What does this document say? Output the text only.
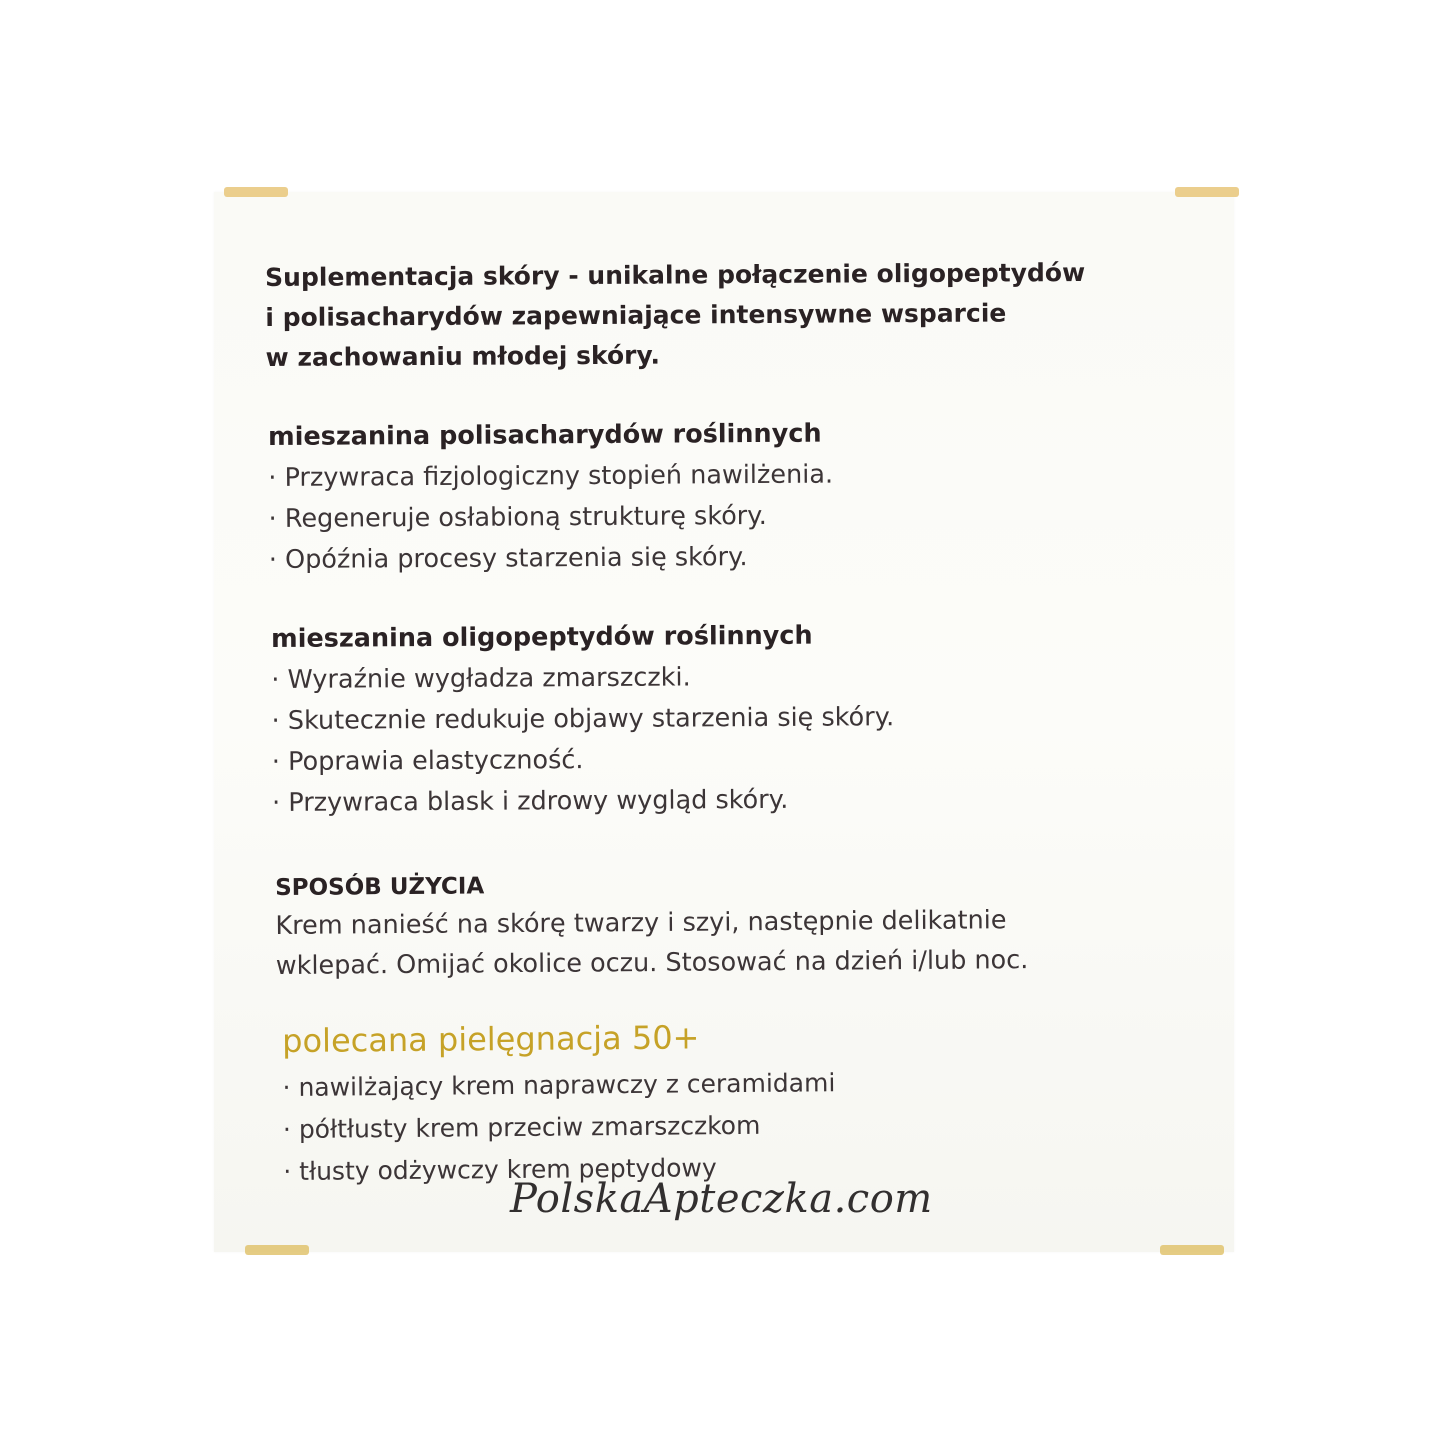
Suplementacja skóry - unikalne połączenie oligopeptydów
i polisacharydów zapewniające intensywne wsparcie
w zachowaniu młodej skóry.
mieszanina polisacharydów roślinnych
· Przywraca fizjologiczny stopień nawilżenia.
· Regeneruje osłabioną strukturę skóry.
· Opóźnia procesy starzenia się skóry.
mieszanina oligopeptydów roślinnych
· Wyraźnie wygładza zmarszczki.
· Skutecznie redukuje objawy starzenia się skóry.
· Poprawia elastyczność.
· Przywraca blask i zdrowy wygląd skóry.
SPOSÓB UŻYCIA
Krem nanieść na skórę twarzy i szyi, następnie delikatnie
wklepać. Omijać okolice oczu. Stosować na dzień i/lub noc.
polecana pielęgnacja 50+
· nawilżający krem naprawczy z ceramidami
· półtłusty krem przeciw zmarszczkom
· tłusty odżywczy krem peptydowy
PolskaApteczka.com
